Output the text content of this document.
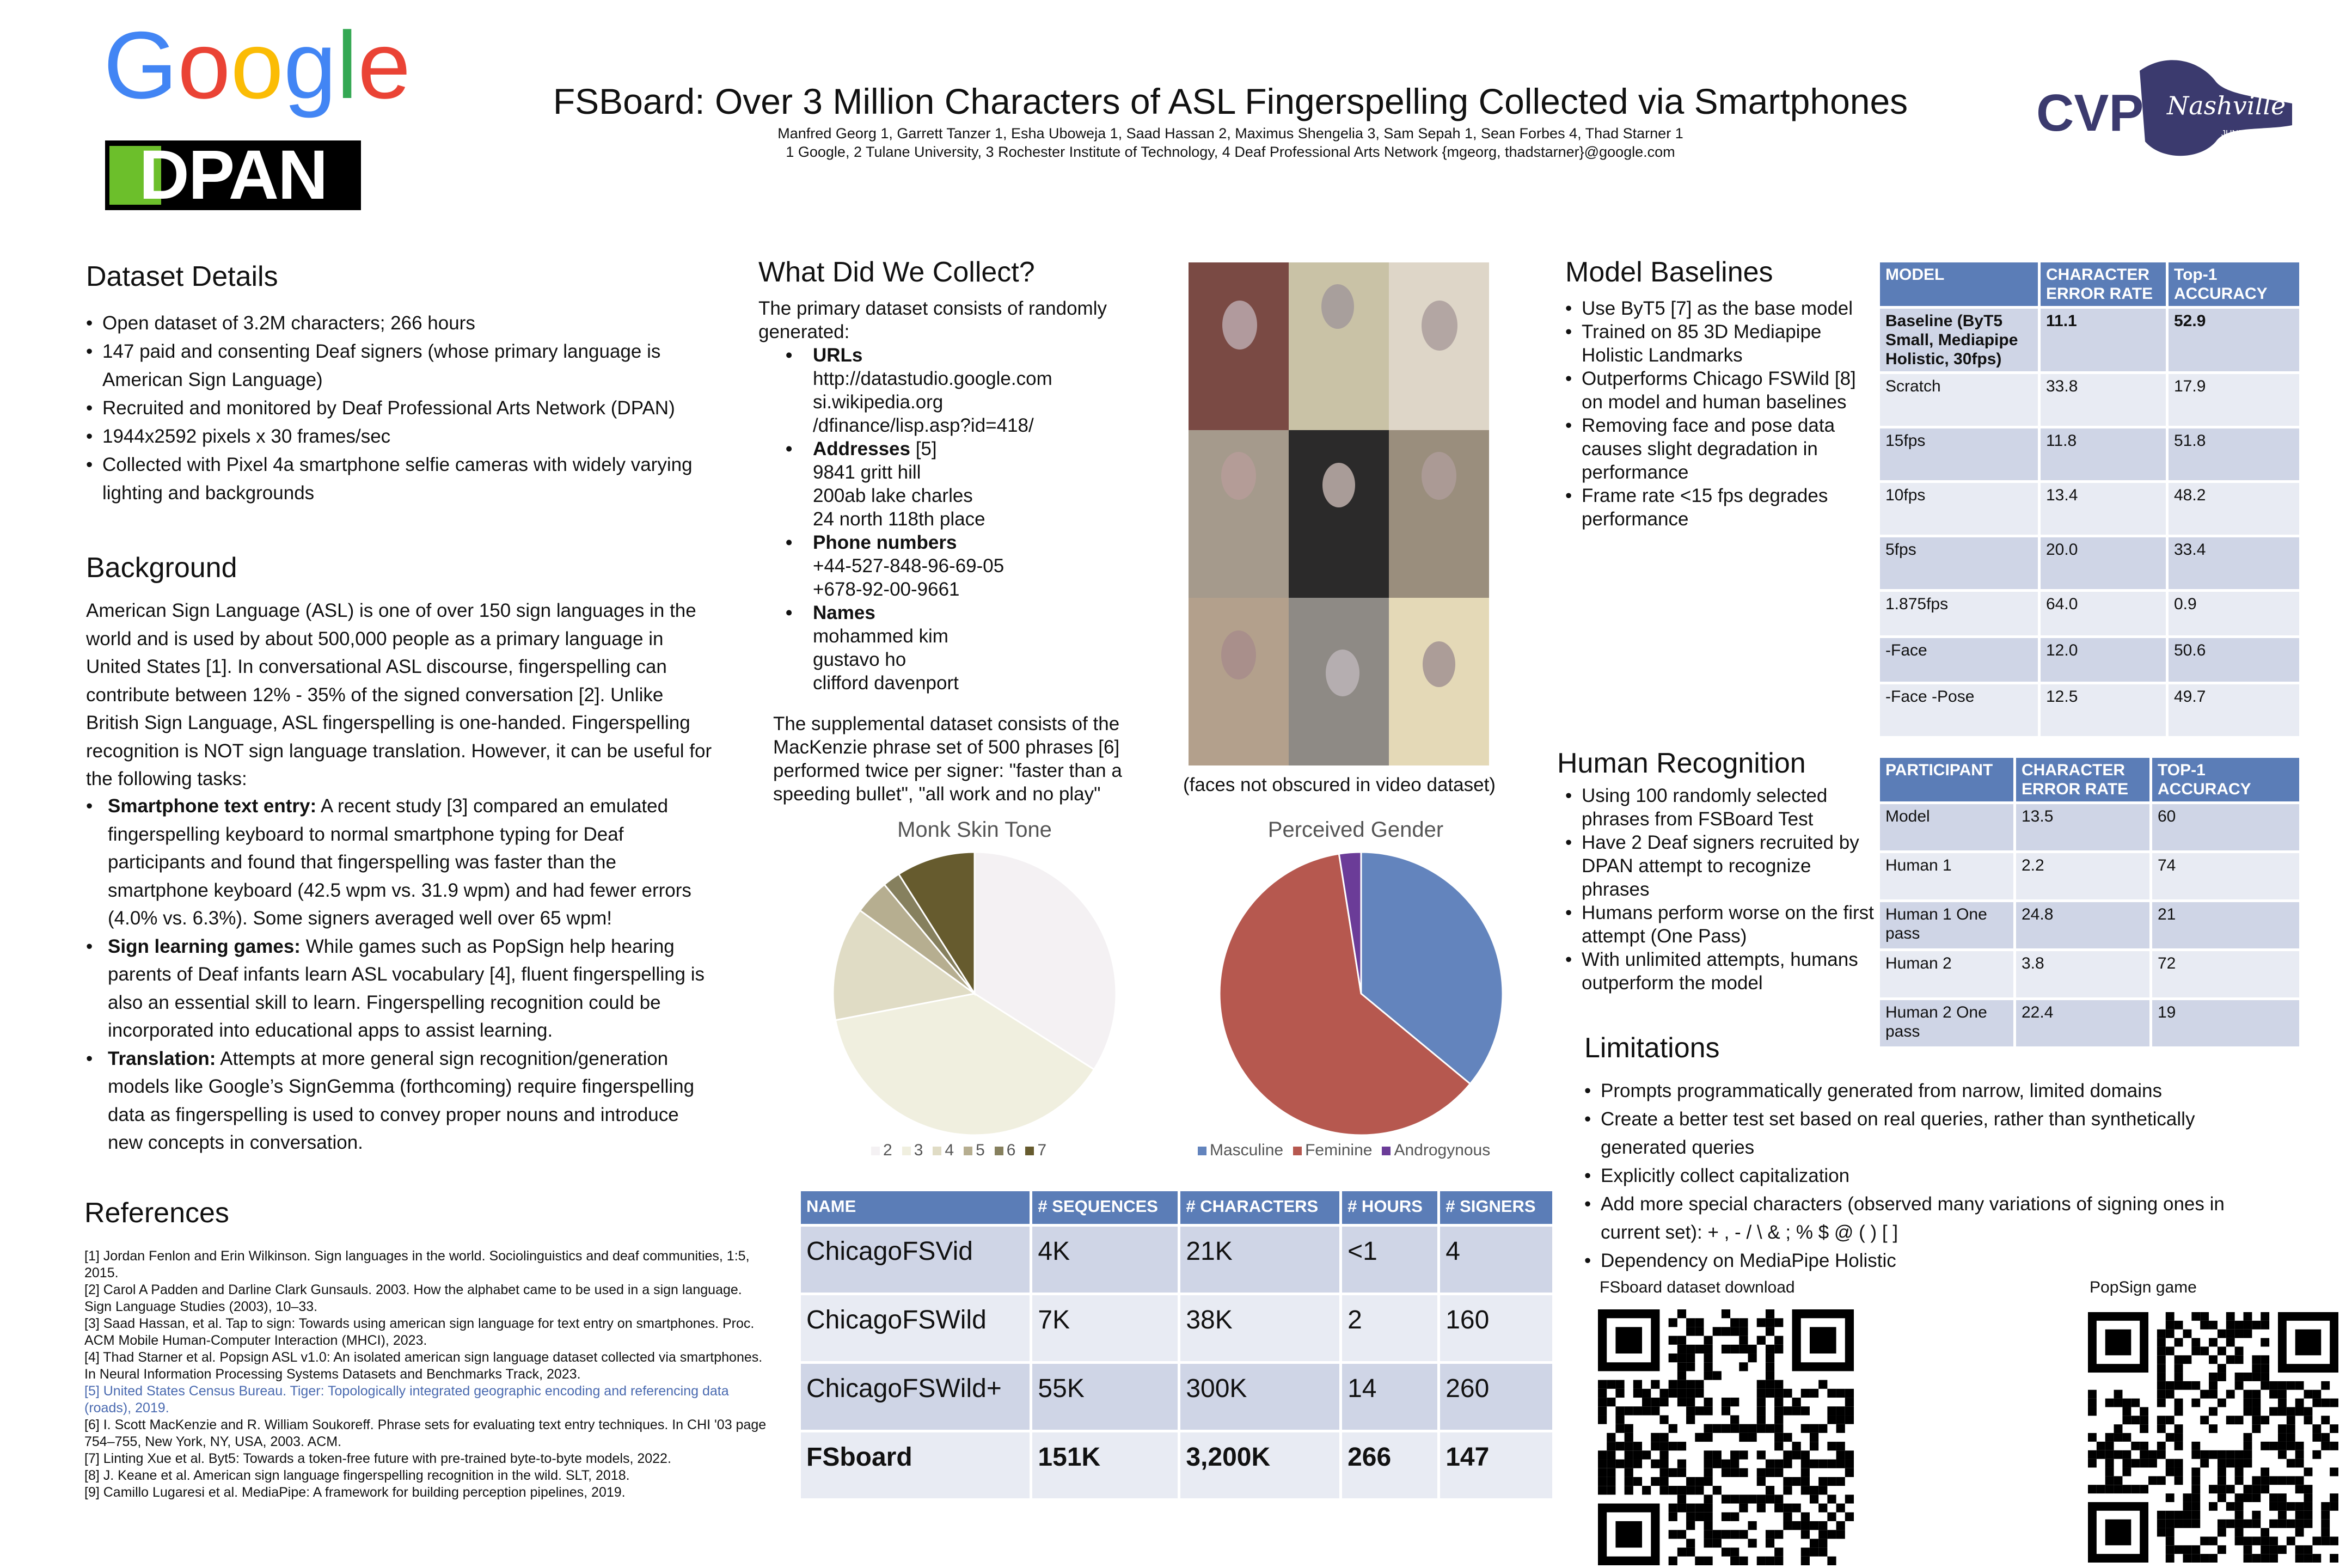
Google
DPAN
CVPR
Nashville
JUNE 11-15, 2025
FSBoard: Over 3 Million Characters of ASL Fingerspelling Collected via Smartphones
Manfred Georg 1, Garrett Tanzer 1, Esha Uboweja 1, Saad Hassan 2, Maximus Shengelia 3, Sam Sepah 1, Sean Forbes 4, Thad Starner 1
1 Google, 2 Tulane University, 3 Rochester Institute of Technology, 4 Deaf Professional Arts Network {mgeorg, thadstarner}@google.com
Dataset Details
• Open dataset of 3.2M characters; 266 hours
• 147 paid and consenting Deaf signers (whose primary language is American Sign Language)
• Recruited and monitored by Deaf Professional Arts Network (DPAN)
• 1944x2592 pixels x 30 frames/sec
• Collected with Pixel 4a smartphone selfie cameras with widely varying lighting and backgrounds
Background
American Sign Language (ASL) is one of over 150 sign languages in the world and is used by about 500,000 people as a primary language in United States [1]. In conversational ASL discourse, fingerspelling can contribute between 12% - 35% of the signed conversation [2]. Unlike British Sign Language, ASL fingerspelling is one-handed. Fingerspelling recognition is NOT sign language translation. However, it can be useful for the following tasks:
• Smartphone text entry: A recent study [3] compared an emulated fingerspelling keyboard to normal smartphone typing for Deaf participants and found that fingerspelling was faster than the smartphone keyboard (42.5 wpm vs. 31.9 wpm) and had fewer errors (4.0% vs. 6.3%). Some signers averaged well over 65 wpm!
• Sign learning games: While games such as PopSign help hearing parents of Deaf infants learn ASL vocabulary [4], fluent fingerspelling is also an essential skill to learn. Fingerspelling recognition could be incorporated into educational apps to assist learning.
• Translation: Attempts at more general sign recognition/generation models like Google’s SignGemma (forthcoming) require fingerspelling data as fingerspelling is used to convey proper nouns and introduce new concepts in conversation.
References
[1] Jordan Fenlon and Erin Wilkinson. Sign languages in the world. Sociolinguistics and deaf communities, 1:5, 2015.
[2] Carol A Padden and Darline Clark Gunsauls. 2003. How the alphabet came to be used in a sign language. Sign Language Studies (2003), 10–33.
[3] Saad Hassan, et al. Tap to sign: Towards using american sign language for text entry on smartphones. Proc. ACM Mobile Human-Computer Interaction (MHCI), 2023.
[4] Thad Starner et al. Popsign ASL v1.0: An isolated american sign language dataset collected via smartphones. In Neural Information Processing Systems Datasets and Benchmarks Track, 2023.
[5] United States Census Bureau. Tiger: Topologically integrated geographic encoding and referencing data (roads), 2019.
[6] I. Scott MacKenzie and R. William Soukoreff. Phrase sets for evaluating text entry techniques. In CHI '03 page 754–755, New York, NY, USA, 2003. ACM.
[7] Linting Xue et al. Byt5: Towards a token-free future with pre-trained byte-to-byte models, 2022.
[8] J. Keane et al. American sign language fingerspelling recognition in the wild. SLT, 2018.
[9] Camillo Lugaresi et al. MediaPipe: A framework for building perception pipelines, 2019.
What Did We Collect?
The primary dataset consists of randomly generated:
• URLs
http://datastudio.google.com
si.wikipedia.org
/dfinance/lisp.asp?id=418/
• Addresses [5]
9841 gritt hill
200ab lake charles
24 north 118th place
• Phone numbers
+44-527-848-96-69-05
+678-92-00-9661
• Names
mohammed kim
gustavo ho
clifford davenport
The supplemental dataset consists of the MacKenzie phrase set of 500 phrases [6] performed twice per signer: "faster than a speeding bullet", "all work and no play"	(faces not obscured in video dataset)
Monk Skin Tone
2 3 4 5 6 7
Perceived Gender
Masculine Feminine Androgynous
NAME	# SEQUENCES	# CHARACTERS	# HOURS	# SIGNERS
ChicagoFSVid	4K	21K	<1	4
ChicagoFSWild	7K	38K	2	160
ChicagoFSWild+	55K	300K	14	260
FSboard	151K	3,200K	266	147
Model Baselines
• Use ByT5 [7] as the base model
• Trained on 85 3D Mediapipe Holistic Landmarks
• Outperforms Chicago FSWild [8] on model and human baselines
• Removing face and pose data causes slight degradation in performance
• Frame rate <15 fps degrades performance
MODEL	CHARACTER ERROR RATE	Top-1 ACCURACY
Baseline (ByT5 Small, Mediapipe Holistic, 30fps)	11.1	52.9
Scratch	33.8	17.9
15fps	11.8	51.8
10fps	13.4	48.2
5fps	20.0	33.4
1.875fps	64.0	0.9
-Face	12.0	50.6
-Face -Pose	12.5	49.7
Human Recognition
• Using 100 randomly selected phrases from FSBoard Test
• Have 2 Deaf signers recruited by DPAN attempt to recognize phrases
• Humans perform worse on the first attempt (One Pass)
• With unlimited attempts, humans outperform the model
PARTICIPANT	CHARACTER ERROR RATE	TOP-1 ACCURACY
Model	13.5	60
Human 1	2.2	74
Human 1 One pass	24.8	21
Human 2	3.8	72
Human 2 One pass	22.4	19
Limitations
• Prompts programmatically generated from narrow, limited domains
• Create a better test set based on real queries, rather than synthetically generated queries
• Explicitly collect capitalization
• Add more special characters (observed many variations of signing ones in current set): + , - / \ & ; % $ @ ( ) [ ]
• Dependency on MediaPipe Holistic
FSboard dataset download	PopSign game
